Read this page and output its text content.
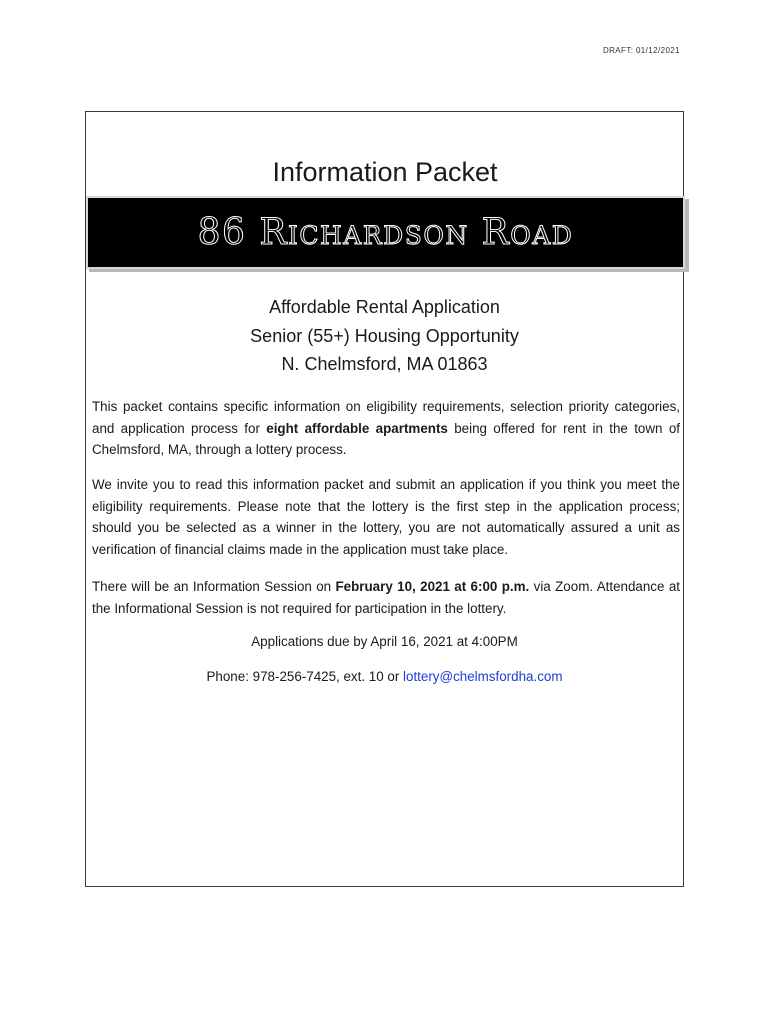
DRAFT: 01/12/2021
Information Packet
86 Richardson Road
Affordable Rental Application
Senior (55+) Housing Opportunity
N. Chelmsford, MA 01863
This packet contains specific information on eligibility requirements, selection priority categories, and application process for eight affordable apartments being offered for rent in the town of Chelmsford, MA, through a lottery process.
We invite you to read this information packet and submit an application if you think you meet the eligibility requirements. Please note that the lottery is the first step in the application process; should you be selected as a winner in the lottery, you are not automatically assured a unit as verification of financial claims made in the application must take place.
There will be an Information Session on February 10, 2021 at 6:00 p.m. via Zoom. Attendance at the Informational Session is not required for participation in the lottery.
Applications due by April 16, 2021 at 4:00PM
Phone: 978-256-7425, ext. 10 or lottery@chelmsfordha.com
